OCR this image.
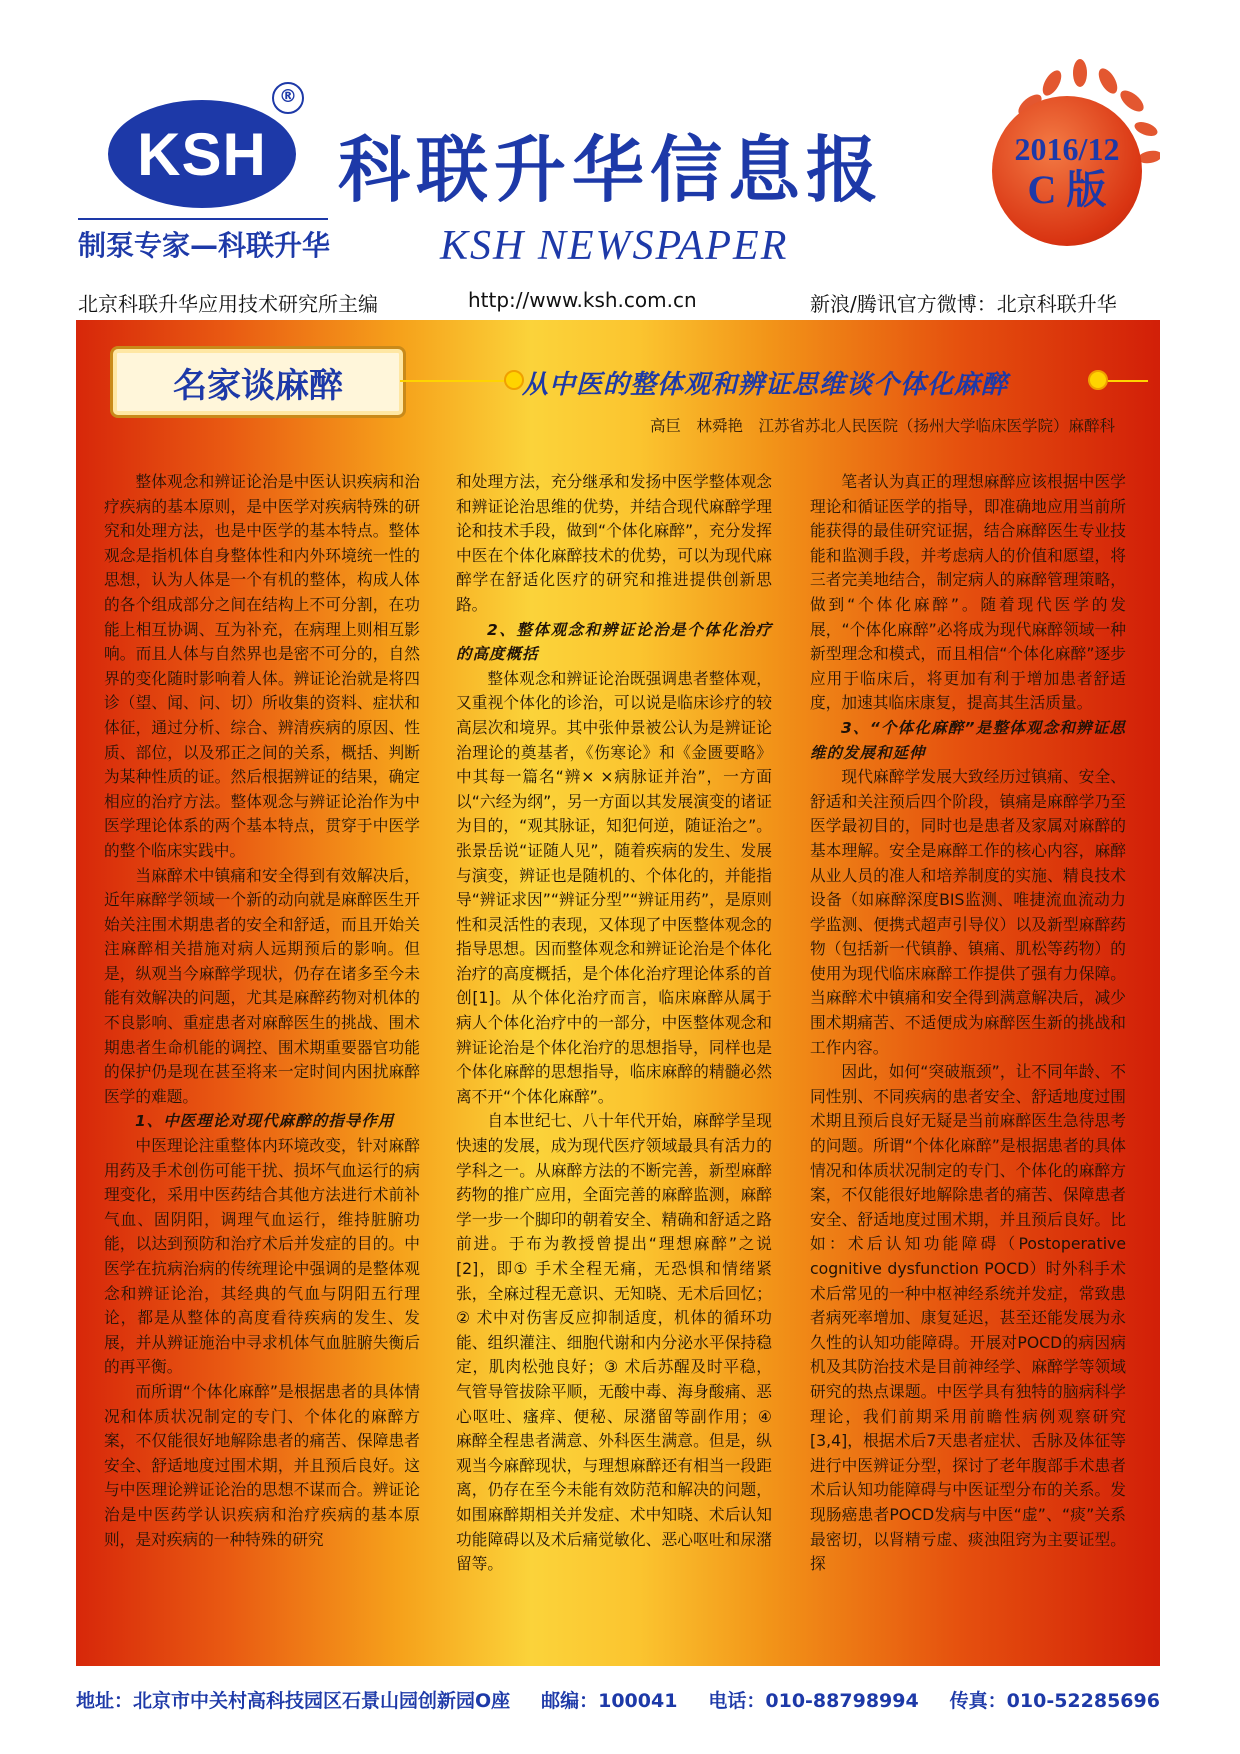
KSH
®
制泵专家—科联升华
科联升华信息报
KSH NEWSPAPER
2016/12
C 版
北京科联升华应用技术研究所主编	http://www.ksh.com.cn	新浪/腾讯官方微博：北京科联升华
名家谈麻醉	从中医的整体观和辨证思维谈个体化麻醉
高巨　林舜艳　江苏省苏北人民医院（扬州大学临床医学院）麻醉科

整体观念和辨证论治是中医认识疾病和治疗疾病的基本原则，是中医学对疾病特殊的研究和处理方法，也是中医学的基本特点。整体观念是指机体自身整体性和内外环境统一性的思想，认为人体是一个有机的整体，构成人体的各个组成部分之间在结构上不可分割，在功能上相互协调、互为补充，在病理上则相互影响。而且人体与自然界也是密不可分的，自然界的变化随时影响着人体。辨证论治就是将四诊（望、闻、问、切）所收集的资料、症状和体征，通过分析、综合、辨清疾病的原因、性质、部位，以及邪正之间的关系，概括、判断为某种性质的证。然后根据辨证的结果，确定相应的治疗方法。整体观念与辨证论治作为中医学理论体系的两个基本特点，贯穿于中医学的整个临床实践中。

当麻醉术中镇痛和安全得到有效解决后，近年麻醉学领域一个新的动向就是麻醉医生开始关注围术期患者的安全和舒适，而且开始关注麻醉相关措施对病人远期预后的影响。但是，纵观当今麻醉学现状，仍存在诸多至今未能有效解决的问题，尤其是麻醉药物对机体的不良影响、重症患者对麻醉医生的挑战、围术期患者生命机能的调控、围术期重要器官功能的保护仍是现在甚至将来一定时间内困扰麻醉医学的难题。

1、中医理论对现代麻醉的指导作用

中医理论注重整体内环境改变，针对麻醉用药及手术创伤可能干扰、损坏气血运行的病理变化，采用中医药结合其他方法进行术前补气血、固阴阳，调理气血运行，维持脏腑功能，以达到预防和治疗术后并发症的目的。中医学在抗病治病的传统理论中强调的是整体观念和辨证论治，其经典的气血与阴阳五行理论，都是从整体的高度看待疾病的发生、发展，并从辨证施治中寻求机体气血脏腑失衡后的再平衡。

而所谓“个体化麻醉”是根据患者的具体情况和体质状况制定的专门、个体化的麻醉方案，不仅能很好地解除患者的痛苦、保障患者安全、舒适地度过围术期，并且预后良好。这与中医理论辨证论治的思想不谋而合。辨证论治是中医药学认识疾病和治疗疾病的基本原则，是对疾病的一种特殊的研究

和处理方法，充分继承和发扬中医学整体观念和辨证论治思维的优势，并结合现代麻醉学理论和技术手段，做到“个体化麻醉”，充分发挥中医在个体化麻醉技术的优势，可以为现代麻醉学在舒适化医疗的研究和推进提供创新思路。

2、整体观念和辨证论治是个体化治疗的高度概括

整体观念和辨证论治既强调患者整体观，又重视个体化的诊治，可以说是临床诊疗的较高层次和境界。其中张仲景被公认为是辨证论治理论的奠基者，《伤寒论》和《金匮要略》中其每一篇名“辨× ×病脉证并治”，一方面以“六经为纲”，另一方面以其发展演变的诸证为目的，“观其脉证，知犯何逆，随证治之”。张景岳说“证随人见”，随着疾病的发生、发展与演变，辨证也是随机的、个体化的，并能指导“辨证求因”“辨证分型”“辨证用药”，是原则性和灵活性的表现，又体现了中医整体观念的指导思想。因而整体观念和辨证论治是个体化治疗的高度概括，是个体化治疗理论体系的首创[1]。从个体化治疗而言，临床麻醉从属于病人个体化治疗中的一部分，中医整体观念和辨证论治是个体化治疗的思想指导，同样也是个体化麻醉的思想指导，临床麻醉的精髓必然离不开“个体化麻醉”。

自本世纪七、八十年代开始，麻醉学呈现快速的发展，成为现代医疗领域最具有活力的学科之一。从麻醉方法的不断完善，新型麻醉药物的推广应用，全面完善的麻醉监测，麻醉学一步一个脚印的朝着安全、精确和舒适之路前进。于布为教授曾提出“理想麻醉”之说[2]，即① 手术全程无痛，无恐惧和情绪紧张，全麻过程无意识、无知晓、无术后回忆；② 术中对伤害反应抑制适度，机体的循环功能、组织灌注、细胞代谢和内分泌水平保持稳定，肌肉松弛良好；③ 术后苏醒及时平稳，气管导管拔除平顺，无酸中毒、海身酸痛、恶心呕吐、瘙痒、便秘、尿潴留等副作用；④ 麻醉全程患者满意、外科医生满意。但是，纵观当今麻醉现状，与理想麻醉还有相当一段距离，仍存在至今未能有效防范和解决的问题，如围麻醉期相关并发症、术中知晓、术后认知功能障碍以及术后痛觉敏化、恶心呕吐和尿潴留等。

笔者认为真正的理想麻醉应该根据中医学理论和循证医学的指导，即准确地应用当前所能获得的最佳研究证据，结合麻醉医生专业技能和监测手段，并考虑病人的价值和愿望，将三者完美地结合，制定病人的麻醉管理策略，做到“个体化麻醉”。随着现代医学的发展，“个体化麻醉”必将成为现代麻醉领域一种新型理念和模式，而且相信“个体化麻醉”逐步应用于临床后，将更加有利于增加患者舒适度，加速其临床康复，提高其生活质量。

3、“个体化麻醉”是整体观念和辨证思维的发展和延伸

现代麻醉学发展大致经历过镇痛、安全、舒适和关注预后四个阶段，镇痛是麻醉学乃至医学最初目的，同时也是患者及家属对麻醉的基本理解。安全是麻醉工作的核心内容，麻醉从业人员的准人和培养制度的实施、精良技术设备（如麻醉深度BIS监测、唯捷流血流动力学监测、便携式超声引导仪）以及新型麻醉药物（包括新一代镇静、镇痛、肌松等药物）的使用为现代临床麻醉工作提供了强有力保障。当麻醉术中镇痛和安全得到满意解决后，减少围术期痛苦、不适便成为麻醉医生新的挑战和工作内容。

因此，如何“突破瓶颈”，让不同年龄、不同性别、不同疾病的患者安全、舒适地度过围术期且预后良好无疑是当前麻醉医生急待思考的问题。所谓“个体化麻醉”是根据患者的具体情况和体质状况制定的专门、个体化的麻醉方案，不仅能很好地解除患者的痛苦、保障患者安全、舒适地度过围术期，并且预后良好。比如：术后认知功能障碍（Postoperative cognitive dysfunction POCD）时外科手术术后常见的一种中枢神经系统并发症，常致患者病死率增加、康复延迟，甚至还能发展为永久性的认知功能障碍。开展对POCD的病因病机及其防治技术是目前神经学、麻醉学等领域研究的热点课题。中医学具有独特的脑病科学理论，我们前期采用前瞻性病例观察研究[3,4]，根据术后7天患者症状、舌脉及体征等进行中医辨证分型，探讨了老年腹部手术患者术后认知功能障碍与中医证型分布的关系。发现肠癌患者POCD发病与中医“虚”、“痰”关系最密切，以肾精亏虚、痰浊阻窍为主要证型。探

地址：北京市中关村高科技园区石景山园创新园O座 邮编：100041 电话：010-88798994 传真：010-52285696
